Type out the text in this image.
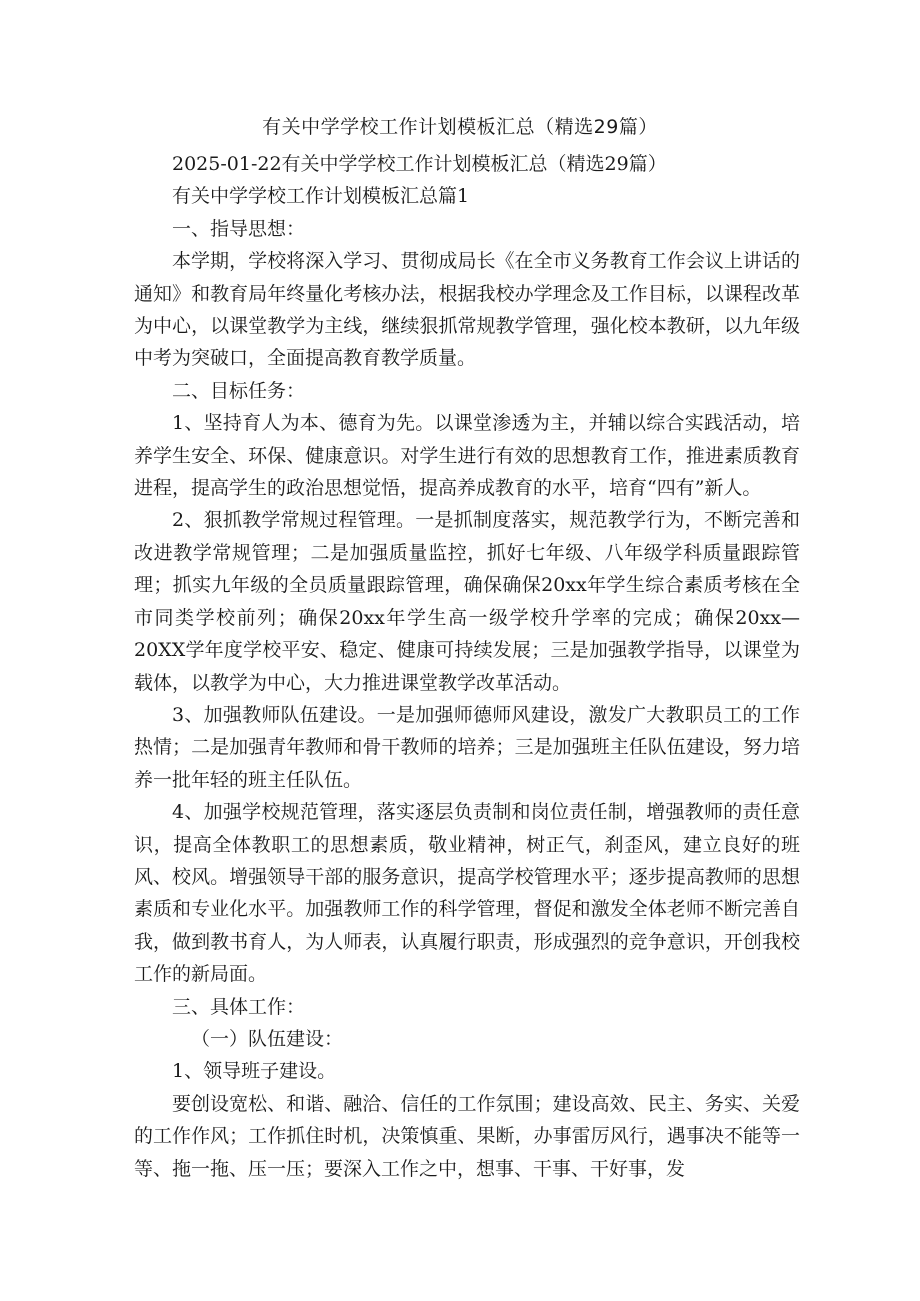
有关中学学校工作计划模板汇总（精选29篇）

2025-01-22有关中学学校工作计划模板汇总（精选29篇）

有关中学学校工作计划模板汇总篇1

一、指导思想：

本学期，学校将深入学习、贯彻成局长《在全市义务教育工作会议上讲话的通知》和教育局年终量化考核办法，根据我校办学理念及工作目标，以课程改革为中心，以课堂教学为主线，继续狠抓常规教学管理，强化校本教研，以九年级中考为突破口，全面提高教育教学质量。

二、目标任务：

1、坚持育人为本、德育为先。以课堂渗透为主，并辅以综合实践活动，培养学生安全、环保、健康意识。对学生进行有效的思想教育工作，推进素质教育进程，提高学生的政治思想觉悟，提高养成教育的水平，培育“四有”新人。

2、狠抓教学常规过程管理。一是抓制度落实，规范教学行为，不断完善和改进教学常规管理；二是加强质量监控，抓好七年级、八年级学科质量跟踪管理；抓实九年级的全员质量跟踪管理，确保确保20xx年学生综合素质考核在全市同类学校前列；确保20xx年学生高一级学校升学率的完成；确保20xx—20XX学年度学校平安、稳定、健康可持续发展；三是加强教学指导，以课堂为载体，以教学为中心，大力推进课堂教学改革活动。

3、加强教师队伍建设。一是加强师德师风建设，激发广大教职员工的工作热情；二是加强青年教师和骨干教师的培养；三是加强班主任队伍建设，努力培养一批年轻的班主任队伍。

4、加强学校规范管理，落实逐层负责制和岗位责任制，增强教师的责任意识，提高全体教职工的思想素质，敬业精神，树正气，刹歪风，建立良好的班风、校风。增强领导干部的服务意识，提高学校管理水平；逐步提高教师的思想素质和专业化水平。加强教师工作的科学管理，督促和激发全体老师不断完善自我，做到教书育人，为人师表，认真履行职责，形成强烈的竞争意识，开创我校工作的新局面。

三、具体工作：

（一）队伍建设：

1、领导班子建设。

要创设宽松、和谐、融洽、信任的工作氛围；建设高效、民主、务实、关爱的工作作风；工作抓住时机，决策慎重、果断，办事雷厉风行，遇事决不能等一等、拖一拖、压一压；要深入工作之中，想事、干事、干好事，发
